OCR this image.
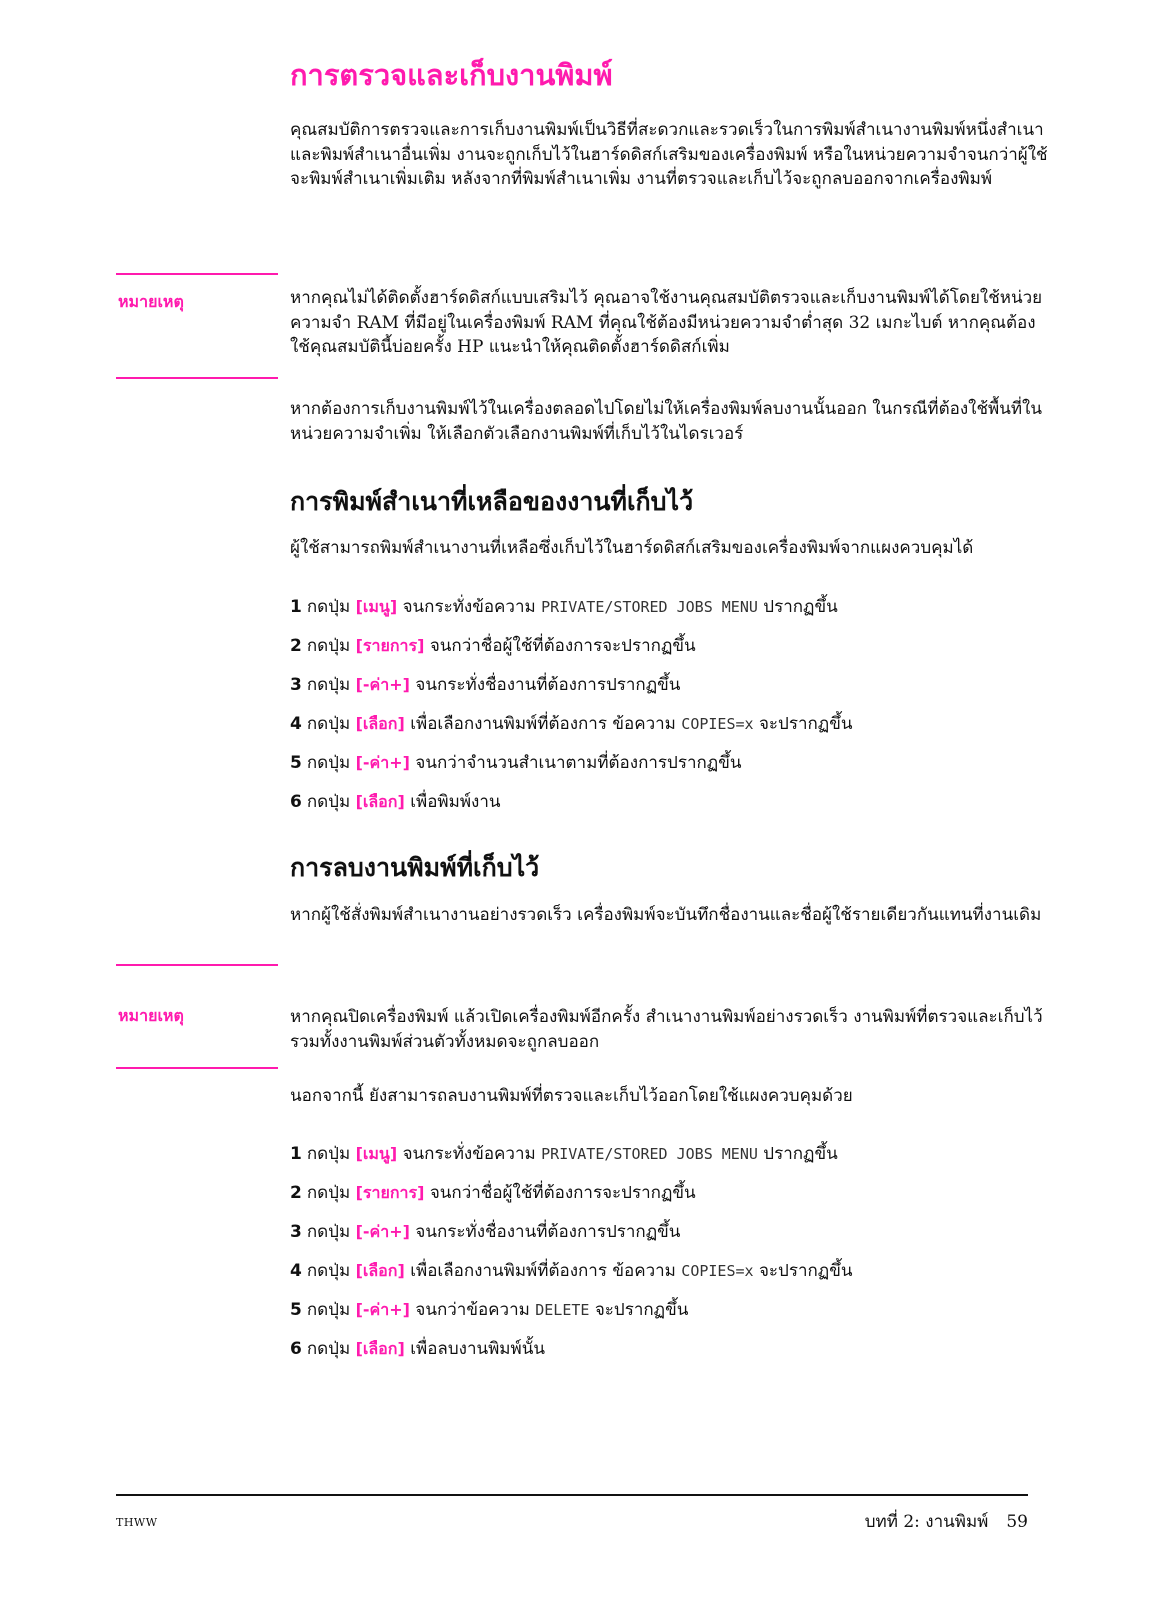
การตรวจและเก็บงานพิมพ์

คุณสมบัติการตรวจและการเก็บงานพิมพ์เป็นวิธีที่สะดวกและรวดเร็วในการพิมพ์สำเนางานพิมพ์หนึ่งสำเนาและพิมพ์สำเนาอื่นเพิ่ม งานจะถูกเก็บไว้ในฮาร์ดดิสก์เสริมของเครื่องพิมพ์ หรือในหน่วยความจำจนกว่าผู้ใช้จะพิมพ์สำเนาเพิ่มเติม หลังจากที่พิมพ์สำเนาเพิ่ม งานที่ตรวจและเก็บไว้จะถูกลบออกจากเครื่องพิมพ์

หมายเหตุ	หากคุณไม่ได้ติดตั้งฮาร์ดดิสก์แบบเสริมไว้ คุณอาจใช้งานคุณสมบัติตรวจและเก็บงานพิมพ์ได้โดยใช้หน่วยความจำ RAM ที่มีอยู่ในเครื่องพิมพ์ RAM ที่คุณใช้ต้องมีหน่วยความจำต่ำสุด 32 เมกะไบต์ หากคุณต้องใช้คุณสมบัตินี้บ่อยครั้ง HP แนะนำให้คุณติดตั้งฮาร์ดดิสก์เพิ่ม

หากต้องการเก็บงานพิมพ์ไว้ในเครื่องตลอดไปโดยไม่ให้เครื่องพิมพ์ลบงานนั้นออก ในกรณีที่ต้องใช้พื้นที่ในหน่วยความจำเพิ่ม ให้เลือกตัวเลือกงานพิมพ์ที่เก็บไว้ในไดรเวอร์

การพิมพ์สำเนาที่เหลือของงานที่เก็บไว้

ผู้ใช้สามารถพิมพ์สำเนางานที่เหลือซึ่งเก็บไว้ในฮาร์ดดิสก์เสริมของเครื่องพิมพ์จากแผงควบคุมได้

1 กดปุ่ม [เมนู] จนกระทั่งข้อความ PRIVATE/STORED JOBS MENU ปรากฏขึ้น
2 กดปุ่ม [รายการ] จนกว่าชื่อผู้ใช้ที่ต้องการจะปรากฏขึ้น
3 กดปุ่ม [-ค่า+] จนกระทั่งชื่องานที่ต้องการปรากฏขึ้น
4 กดปุ่ม [เลือก] เพื่อเลือกงานพิมพ์ที่ต้องการ ข้อความ COPIES=x จะปรากฏขึ้น
5 กดปุ่ม [-ค่า+] จนกว่าจำนวนสำเนาตามที่ต้องการปรากฏขึ้น
6 กดปุ่ม [เลือก] เพื่อพิมพ์งาน
การลบงานพิมพ์ที่เก็บไว้

หากผู้ใช้สั่งพิมพ์สำเนางานอย่างรวดเร็ว เครื่องพิมพ์จะบันทึกชื่องานและชื่อผู้ใช้รายเดียวกันแทนที่งานเดิม

หมายเหตุ	หากคุณปิดเครื่องพิมพ์ แล้วเปิดเครื่องพิมพ์อีกครั้ง สำเนางานพิมพ์อย่างรวดเร็ว งานพิมพ์ที่ตรวจและเก็บไว้ รวมทั้งงานพิมพ์ส่วนตัวทั้งหมดจะถูกลบออก

นอกจากนี้ ยังสามารถลบงานพิมพ์ที่ตรวจและเก็บไว้ออกโดยใช้แผงควบคุมด้วย

1 กดปุ่ม [เมนู] จนกระทั่งข้อความ PRIVATE/STORED JOBS MENU ปรากฏขึ้น
2 กดปุ่ม [รายการ] จนกว่าชื่อผู้ใช้ที่ต้องการจะปรากฏขึ้น
3 กดปุ่ม [-ค่า+] จนกระทั่งชื่องานที่ต้องการปรากฏขึ้น
4 กดปุ่ม [เลือก] เพื่อเลือกงานพิมพ์ที่ต้องการ ข้อความ COPIES=x จะปรากฏขึ้น
5 กดปุ่ม [-ค่า+] จนกว่าข้อความ DELETE จะปรากฏขึ้น
6 กดปุ่ม [เลือก] เพื่อลบงานพิมพ์นั้น
THWW	บทที่ 2: งานพิมพ์ 59
